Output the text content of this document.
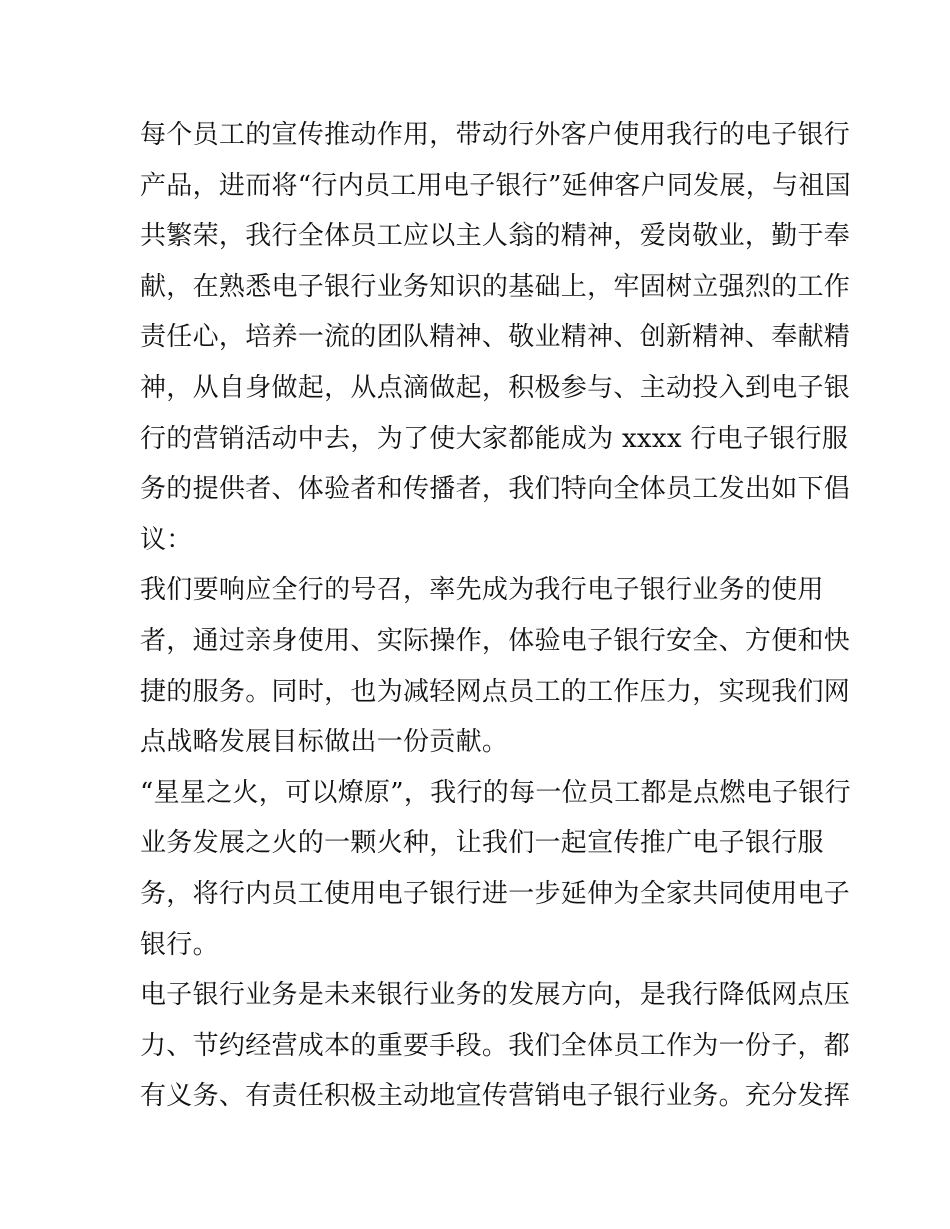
每个员工的宣传推动作用，带动行外客户使用我行的电子银行
产品，进而将“行内员工用电子银行”延伸客户同发展，与祖国
共繁荣，我行全体员工应以主人翁的精神，爱岗敬业，勤于奉
献，在熟悉电子银行业务知识的基础上，牢固树立强烈的工作
责任心，培养一流的团队精神、敬业精神、创新精神、奉献精
神，从自身做起，从点滴做起，积极参与、主动投入到电子银
行的营销活动中去，为了使大家都能成为 xxxx 行电子银行服
务的提供者、体验者和传播者，我们特向全体员工发出如下倡
议：
我们要响应全行的号召，率先成为我行电子银行业务的使用
者，通过亲身使用、实际操作，体验电子银行安全、方便和快
捷的服务。同时，也为减轻网点员工的工作压力，实现我们网
点战略发展目标做出一份贡献。
“星星之火，可以燎原”，我行的每一位员工都是点燃电子银行
业务发展之火的一颗火种，让我们一起宣传推广电子银行服
务，将行内员工使用电子银行进一步延伸为全家共同使用电子
银行。
电子银行业务是未来银行业务的发展方向，是我行降低网点压
力、节约经营成本的重要手段。我们全体员工作为一份子，都
有义务、有责任积极主动地宣传营销电子银行业务。充分发挥
